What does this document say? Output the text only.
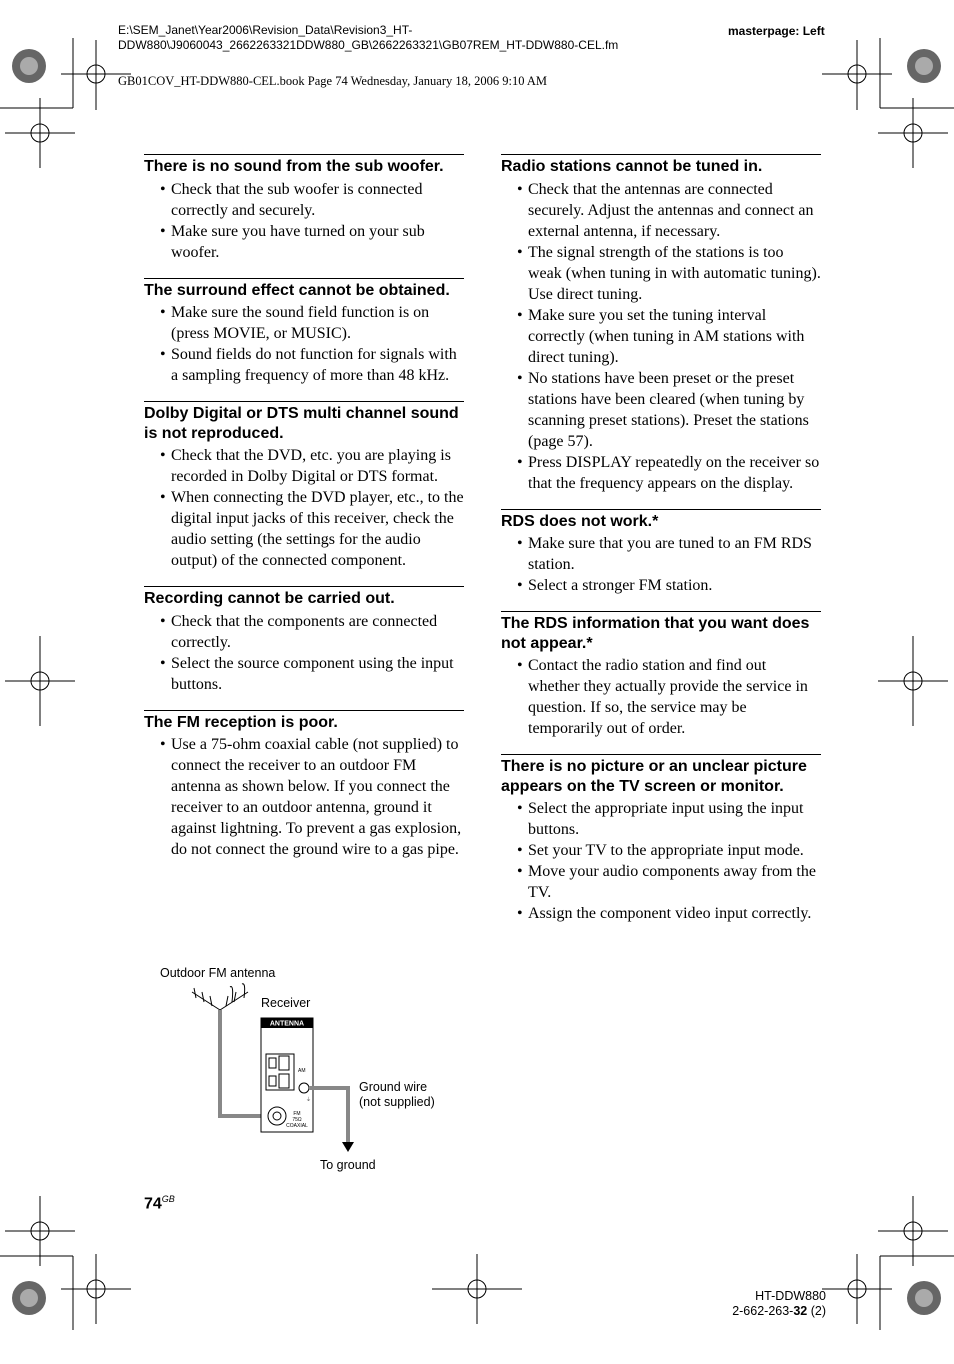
E:\SEM_Janet\Year2006\Revision_Data\Revision3_HT-
DDW880\J9060043_2662263321DDW880_GB\2662263321\GB07REM_HT-DDW880-CEL.fm
masterpage: Left
GB01COV_HT-DDW880-CEL.book Page 74 Wednesday, January 18, 2006 9:10 AM
There is no sound from the sub woofer.
• Check that the sub woofer is connected correctly and securely.
• Make sure you have turned on your sub woofer.
The surround effect cannot be obtained.
• Make sure the sound field function is on (press MOVIE, or MUSIC).
• Sound fields do not function for signals with a sampling frequency of more than 48 kHz.
Dolby Digital or DTS multi channel sound is not reproduced.
• Check that the DVD, etc. you are playing is recorded in Dolby Digital or DTS format.
• When connecting the DVD player, etc., to the digital input jacks of this receiver, check the audio setting (the settings for the audio output) of the connected component.
Recording cannot be carried out.
• Check that the components are connected correctly.
• Select the source component using the input buttons.
The FM reception is poor.
• Use a 75-ohm coaxial cable (not supplied) to connect the receiver to an outdoor FM antenna as shown below. If you connect the receiver to an outdoor antenna, ground it against lightning. To prevent a gas explosion, do not connect the ground wire to a gas pipe.
Radio stations cannot be tuned in.
• Check that the antennas are connected securely. Adjust the antennas and connect an external antenna, if necessary.
• The signal strength of the stations is too weak (when tuning in with automatic tuning). Use direct tuning.
• Make sure you set the tuning interval correctly (when tuning in AM stations with direct tuning).
• No stations have been preset or the preset stations have been cleared (when tuning by scanning preset stations). Preset the stations (page 57).
• Press DISPLAY repeatedly on the receiver so that the frequency appears on the display.
RDS does not work.*
• Make sure that you are tuned to an FM RDS station.
• Select a stronger FM station.
The RDS information that you want does not appear.*
• Contact the radio station and find out whether they actually provide the service in question. If so, the service may be temporarily out of order.
There is no picture or an unclear picture appears on the TV screen or monitor.
• Select the appropriate input using the input buttons.
• Set your TV to the appropriate input mode.
• Move your audio components away from the TV.
• Assign the component video input correctly.
Outdoor FM antenna
Receiver
Ground wire
(not supplied)
To ground
ANTENNA
AM
FM
75Ω
COAXIAL
⏚
$74^{GB}$
HT-DDW880
2-662-263-32 (2)
